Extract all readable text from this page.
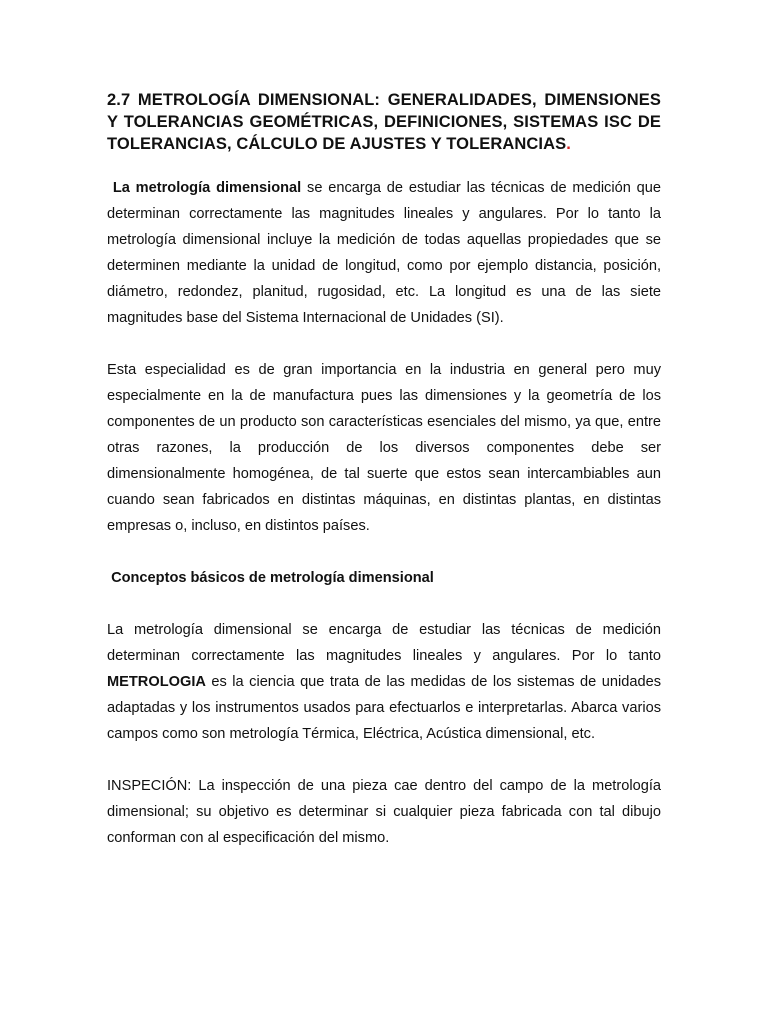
2.7 METROLOGÍA DIMENSIONAL: GENERALIDADES, DIMENSIONES Y TOLERANCIAS GEOMÉTRICAS, DEFINICIONES, SISTEMAS ISC DE TOLERANCIAS, CÁLCULO DE AJUSTES Y TOLERANCIAS.

La metrología dimensional se encarga de estudiar las técnicas de medición que determinan correctamente las magnitudes lineales y angulares. Por lo tanto la metrología dimensional incluye la medición de todas aquellas propiedades que se determinen mediante la unidad de longitud, como por ejemplo distancia, posición, diámetro, redondez, planitud, rugosidad, etc. La longitud es una de las siete magnitudes base del Sistema Internacional de Unidades (SI).

Esta especialidad es de gran importancia en la industria en general pero muy especialmente en la de manufactura pues las dimensiones y la geometría de los componentes de un producto son características esenciales del mismo, ya que, entre otras razones, la producción de los diversos componentes debe ser dimensionalmente homogénea, de tal suerte que estos sean intercambiables aun cuando sean fabricados en distintas máquinas, en distintas plantas, en distintas empresas o, incluso, en distintos países.

Conceptos básicos de metrología dimensional

La metrología dimensional se encarga de estudiar las técnicas de medición determinan correctamente las magnitudes lineales y angulares. Por lo tanto METROLOGIA es la ciencia que trata de las medidas de los sistemas de unidades adaptadas y los instrumentos usados para efectuarlos e interpretarlas. Abarca varios campos como son metrología Térmica, Eléctrica, Acústica dimensional, etc.

INSPECIÓN: La inspección de una pieza cae dentro del campo de la metrología dimensional; su objetivo es determinar si cualquier pieza fabricada con tal dibujo conforman con al especificación del mismo.
